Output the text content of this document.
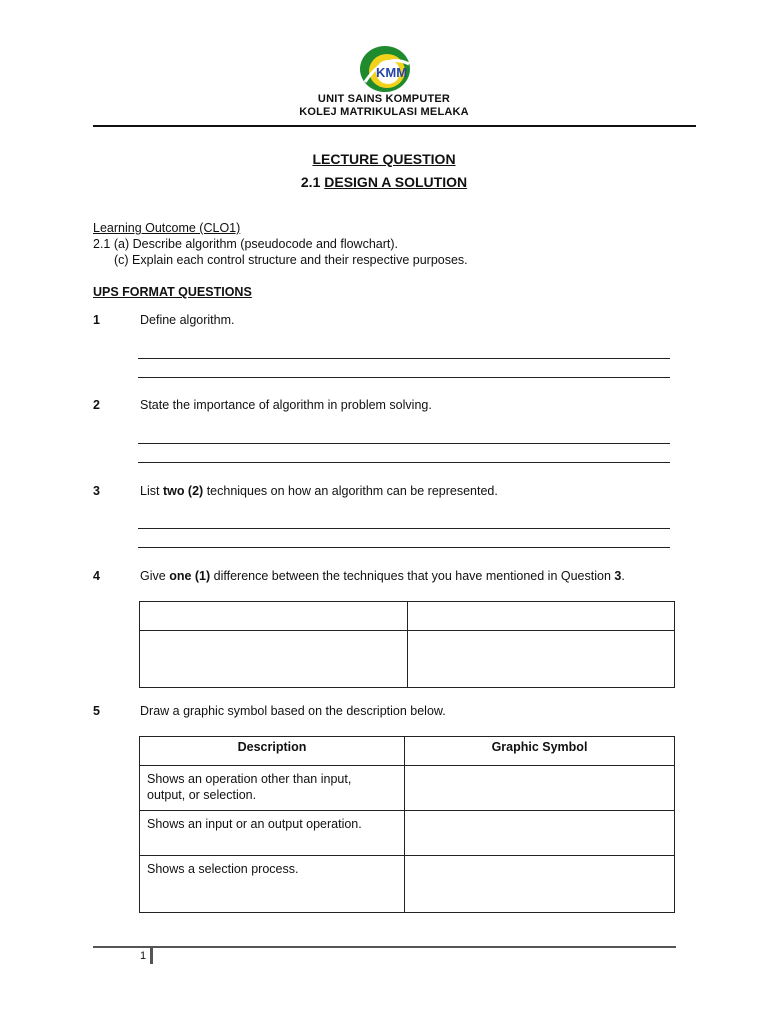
KMM
UNIT SAINS KOMPUTER
KOLEJ MATRIKULASI MELAKA
LECTURE QUESTION
2.1 DESIGN A SOLUTION
Learning Outcome (CLO1)
2.1 (a) Describe algorithm (pseudocode and flowchart).
(c) Explain each control structure and their respective purposes.
UPS FORMAT QUESTIONS
1	Define algorithm.
2	State the importance of algorithm in problem solving.
3	List two (2) techniques on how an algorithm can be represented.
4	Give one (1) difference between the techniques that you have mentioned in Question 3.

5	Draw a graphic symbol based on the description below.
Description	Graphic Symbol

Shows an operation other than input,
output, or selection.	

Shows an input or an output operation.	

Shows a selection process.	

1
